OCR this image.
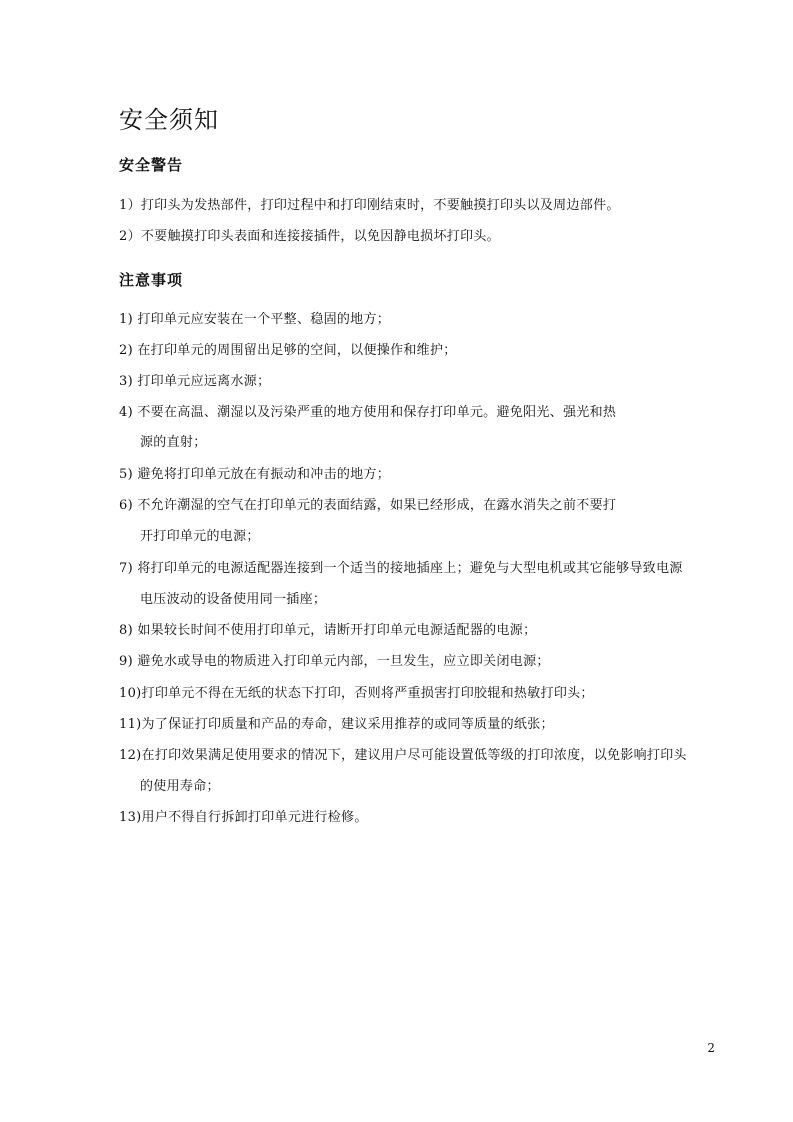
安全须知
安全警告
1）打印头为发热部件，打印过程中和打印刚结束时，不要触摸打印头以及周边部件。
2）不要触摸打印头表面和连接接插件，以免因静电损坏打印头。
注意事项
1) 打印单元应安装在一个平整、稳固的地方；
2) 在打印单元的周围留出足够的空间，以便操作和维护；
3) 打印单元应远离水源；
4) 不要在高温、潮湿以及污染严重的地方使用和保存打印单元。避免阳光、强光和热
源的直射；
5) 避免将打印单元放在有振动和冲击的地方；
6) 不允许潮湿的空气在打印单元的表面结露，如果已经形成，在露水消失之前不要打
开打印单元的电源；
7) 将打印单元的电源适配器连接到一个适当的接地插座上；避免与大型电机或其它能够导致电源
电压波动的设备使用同一插座；
8) 如果较长时间不使用打印单元，请断开打印单元电源适配器的电源；
9) 避免水或导电的物质进入打印单元内部，一旦发生，应立即关闭电源；
10)打印单元不得在无纸的状态下打印，否则将严重损害打印胶辊和热敏打印头；
11)为了保证打印质量和产品的寿命，建议采用推荐的或同等质量的纸张；
12)在打印效果满足使用要求的情况下，建议用户尽可能设置低等级的打印浓度，以免影响打印头
的使用寿命；
13)用户不得自行拆卸打印单元进行检修。
2
